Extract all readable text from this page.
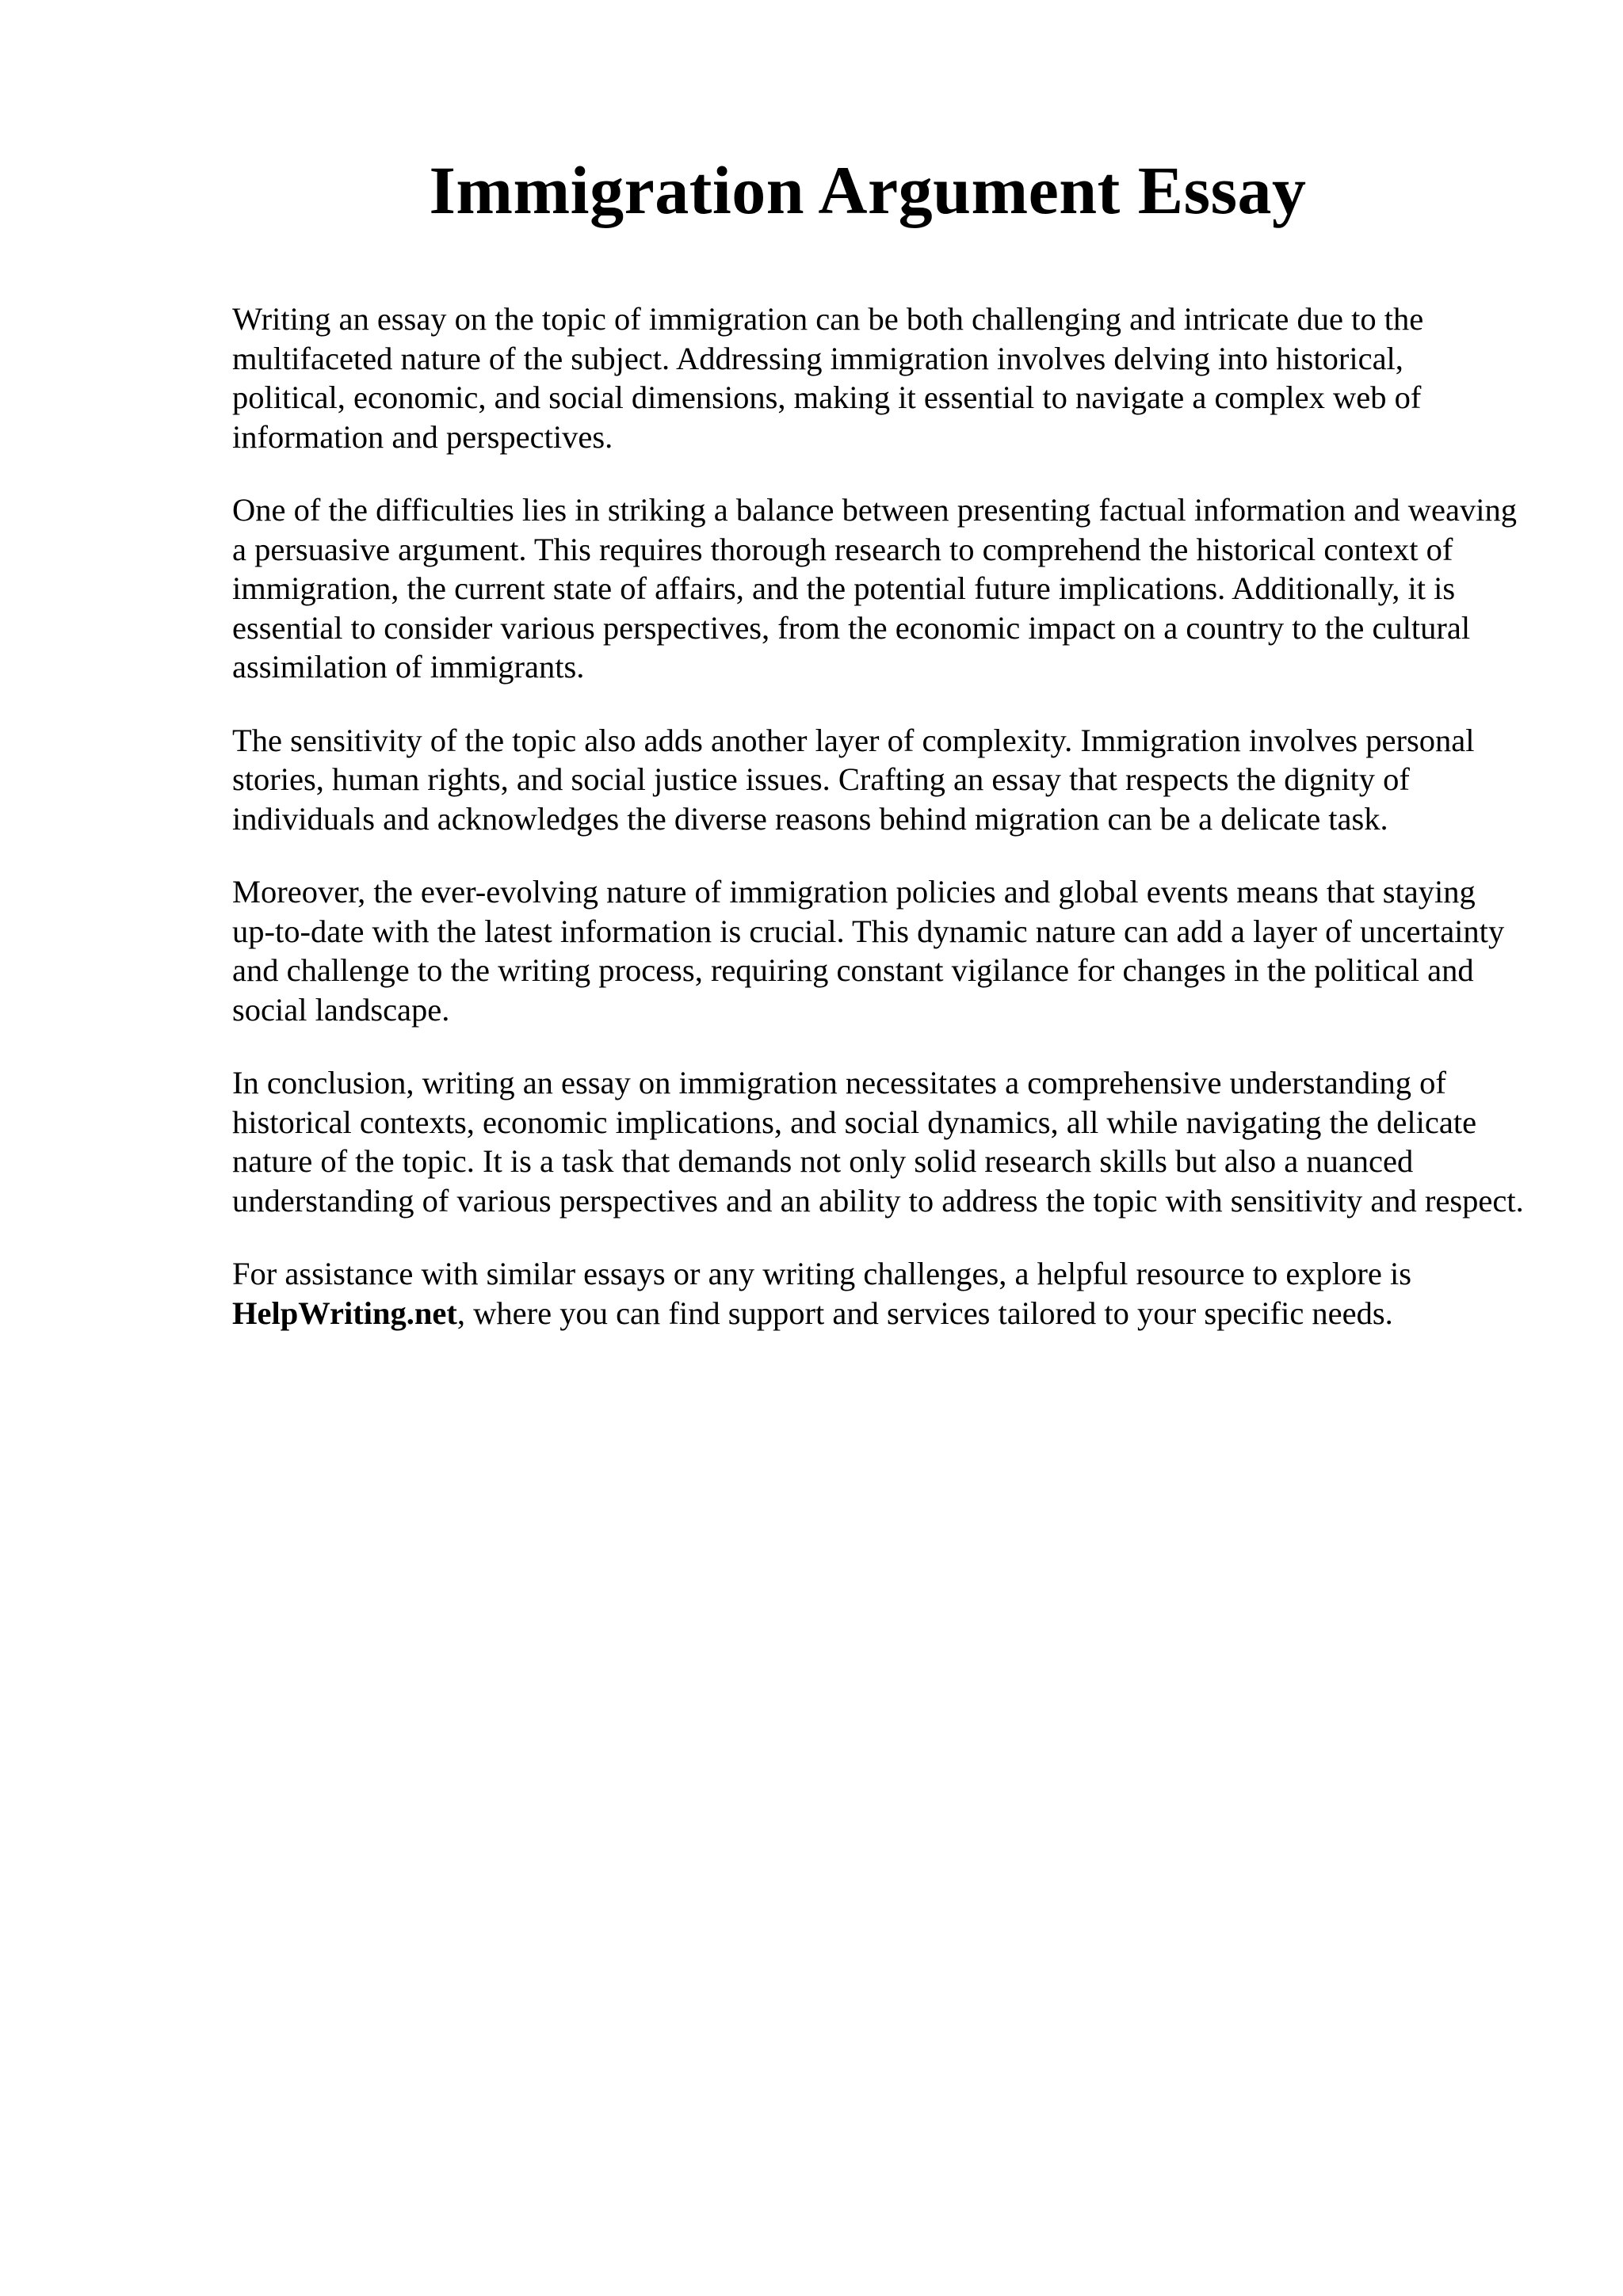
Immigration Argument Essay

Writing an essay on the topic of immigration can be both challenging and intricate due to the multifaceted nature of the subject. Addressing immigration involves delving into historical, political, economic, and social dimensions, making it essential to navigate a complex web of information and perspectives.

One of the difficulties lies in striking a balance between presenting factual information and weaving a persuasive argument. This requires thorough research to comprehend the historical context of immigration, the current state of affairs, and the potential future implications. Additionally, it is essential to consider various perspectives, from the economic impact on a country to the cultural assimilation of immigrants.

The sensitivity of the topic also adds another layer of complexity. Immigration involves personal stories, human rights, and social justice issues. Crafting an essay that respects the dignity of individuals and acknowledges the diverse reasons behind migration can be a delicate task.

Moreover, the ever-evolving nature of immigration policies and global events means that staying up-to-date with the latest information is crucial. This dynamic nature can add a layer of uncertainty and challenge to the writing process, requiring constant vigilance for changes in the political and social landscape.

In conclusion, writing an essay on immigration necessitates a comprehensive understanding of historical contexts, economic implications, and social dynamics, all while navigating the delicate nature of the topic. It is a task that demands not only solid research skills but also a nuanced understanding of various perspectives and an ability to address the topic with sensitivity and respect.

For assistance with similar essays or any writing challenges, a helpful resource to explore is HelpWriting.net, where you can find support and services tailored to your specific needs.
